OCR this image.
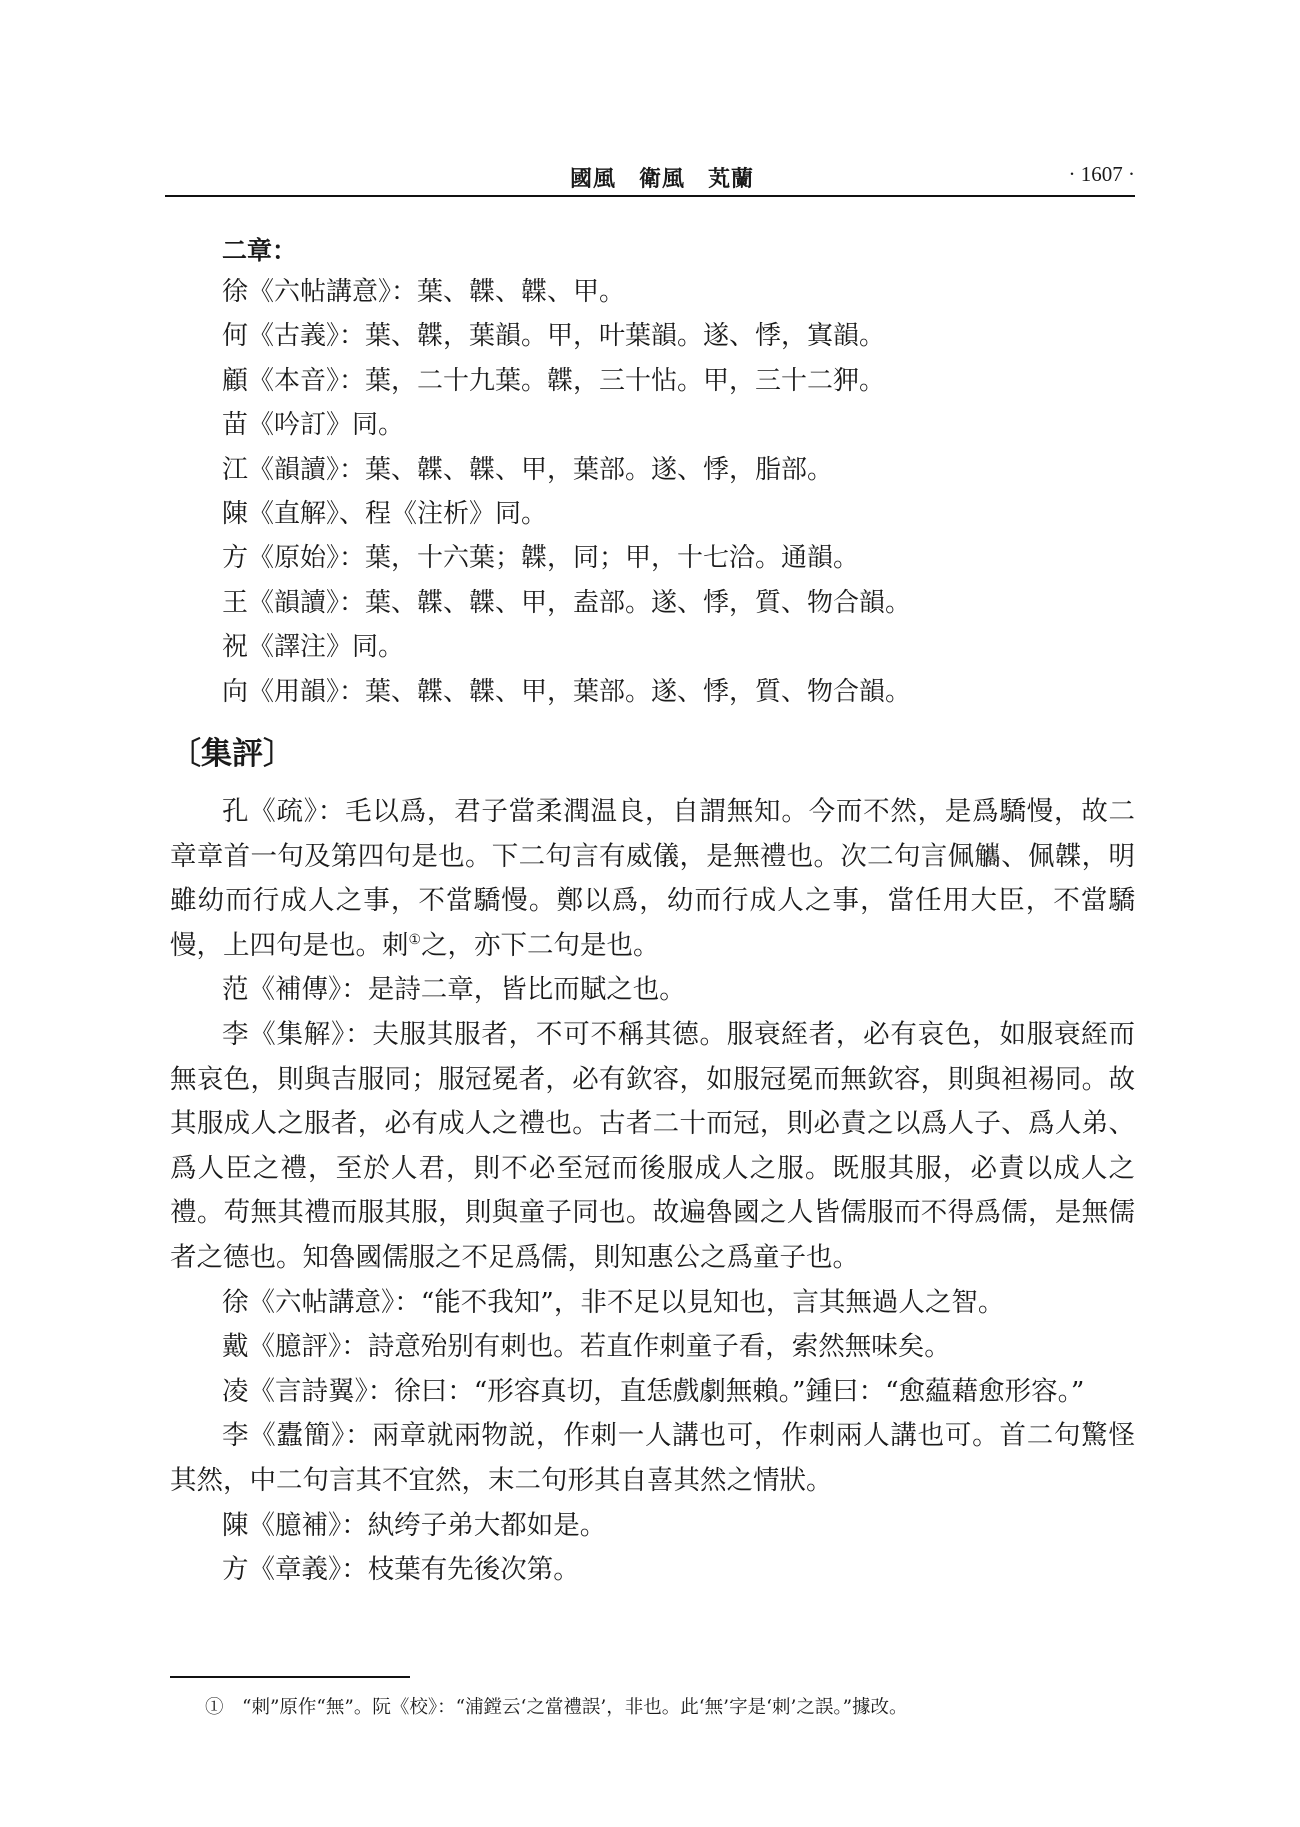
國風　衛風　芄蘭	· 1607 ·
二章：
徐《六帖講意》：葉、韘、韘、甲。
何《古義》：葉、韘，葉韻。甲，叶葉韻。遂、悸，寘韻。
顧《本音》：葉，二十九葉。韘，三十怗。甲，三十二狎。
苗《吟訂》同。
江《韻讀》：葉、韘、韘、甲，葉部。遂、悸，脂部。
陳《直解》、程《注析》同。
方《原始》：葉，十六葉；韘，同；甲，十七洽。通韻。
王《韻讀》：葉、韘、韘、甲，盍部。遂、悸，質、物合韻。
祝《譯注》同。
向《用韻》：葉、韘、韘、甲，葉部。遂、悸，質、物合韻。
〔集評〕

孔《疏》：毛以爲，君子當柔潤温良，自謂無知。今而不然，是爲驕慢，故二章章首一句及第四句是也。下二句言有威儀，是無禮也。次二句言佩觿、佩韘，明雖幼而行成人之事，不當驕慢。鄭以爲，幼而行成人之事，當任用大臣，不當驕慢，上四句是也。刺①之，亦下二句是也。

范《補傳》：是詩二章，皆比而賦之也。

李《集解》：夫服其服者，不可不稱其德。服衰絰者，必有哀色，如服衰絰而無哀色，則與吉服同；服冠冕者，必有欽容，如服冠冕而無欽容，則與袒裼同。故其服成人之服者，必有成人之禮也。古者二十而冠，則必責之以爲人子、爲人弟、爲人臣之禮，至於人君，則不必至冠而後服成人之服。既服其服，必責以成人之禮。苟無其禮而服其服，則與童子同也。故遍魯國之人皆儒服而不得爲儒，是無儒者之德也。知魯國儒服之不足爲儒，則知惠公之爲童子也。

徐《六帖講意》：“能不我知”，非不足以見知也，言其無過人之智。

戴《臆評》：詩意殆别有刺也。若直作刺童子看，索然無味矣。

凌《言詩翼》：徐曰：“形容真切，直恁戲劇無賴。”鍾曰：“愈藴藉愈形容。”

李《蠹簡》：兩章就兩物説，作刺一人講也可，作刺兩人講也可。首二句驚怪其然，中二句言其不宜然，末二句形其自喜其然之情狀。

陳《臆補》：紈绔子弟大都如是。

方《章義》：枝葉有先後次第。

①　“刺”原作“無”。阮《校》：“浦鏜云‘之當禮誤’，非也。此‘無’字是‘刺’之誤。”據改。
